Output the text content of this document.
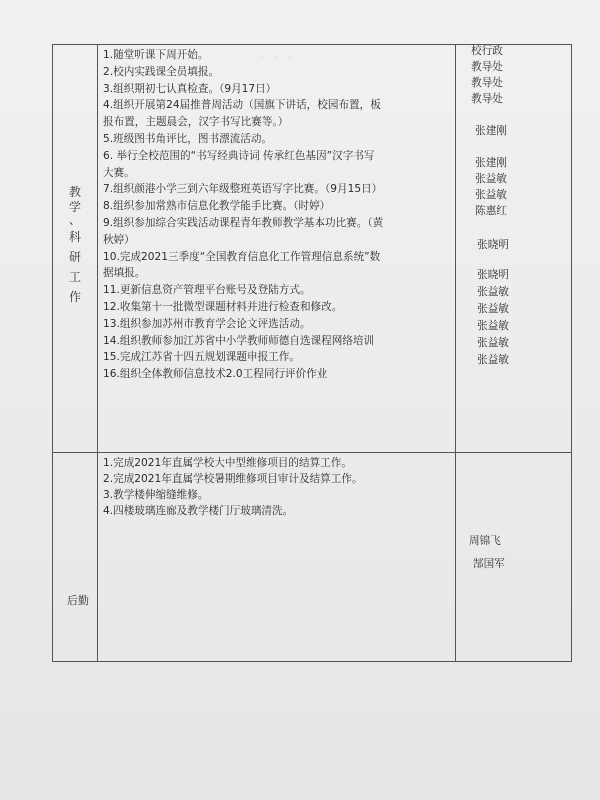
· · ·
教
学
、
科
研
工
作
1.随堂听课下周开始。
2.校内实践课全员填报。
3.组织期初七认真检查。（9月17日）
4.组织开展第24届推普周活动（国旗下讲话，校园布置，板
报布置，主题晨会，汉字书写比赛等。）
5.班级图书角评比，图书漂流活动。
6. 举行全校范围的“书写经典诗词 传承红色基因”汉字书写
大赛。
7.组织颜港小学三到六年级整班英语写字比赛。（9月15日）
8.组织参加常熟市信息化教学能手比赛。（时婷）
9.组织参加综合实践活动课程青年教师教学基本功比赛。（黄
秋婷）
10.完成2021三季度“全国教育信息化工作管理信息系统”数
据填报。
11.更新信息资产管理平台账号及登陆方式。
12.收集第十一批微型课题材料并进行检查和修改。
13.组织参加苏州市教育学会论文评选活动。
14.组织教师参加江苏省中小学教师师德自选课程网络培训
15.完成江苏省十四五规划课题申报工作。
16.组织全体教师信息技术2.0工程同行评价作业
校行政
教导处
教导处
教导处
张建刚
张建刚
张益敏
张益敏
陈惠红
张晓明
张晓明
张益敏
张益敏
张益敏
张益敏
张益敏
后勤
1.完成2021年直属学校大中型维修项目的结算工作。
2.完成2021年直属学校暑期维修项目审计及结算工作。
3.教学楼伸缩缝维修。
4.四楼玻璃连廊及教学楼门厅玻璃清洗。
周锦飞
郜国军
